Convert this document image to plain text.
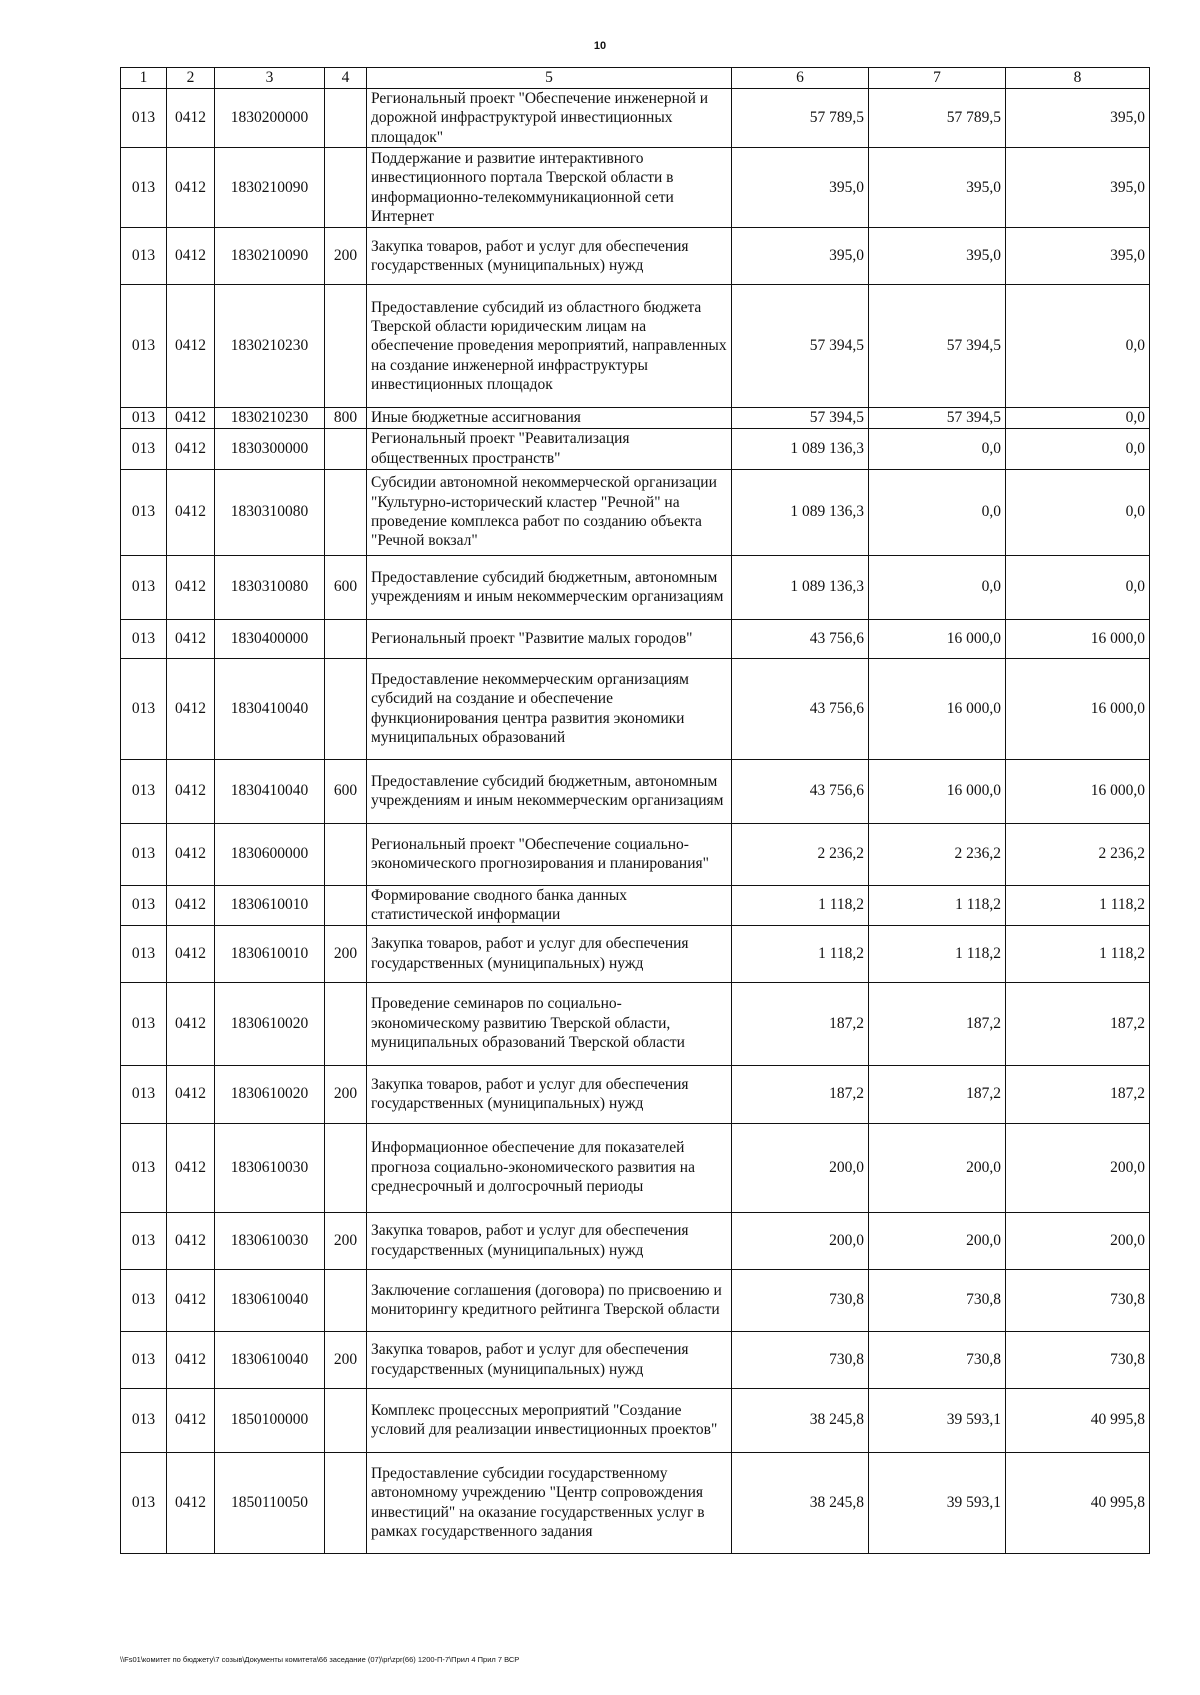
10
1	2	3	4	5	6	7	8
013	0412	1830200000		Региональный проект "Обеспечение инженерной и дорожной инфраструктурой инвестиционных площадок"	57 789,5	57 789,5	395,0
013	0412	1830210090		Поддержание и развитие интерактивного инвестиционного портала Тверской области в информационно-телекоммуникационной сети Интернет	395,0	395,0	395,0
013	0412	1830210090	200	Закупка товаров, работ и услуг для обеспечения государственных (муниципальных) нужд	395,0	395,0	395,0
013	0412	1830210230		Предоставление субсидий из областного бюджета Тверской области юридическим лицам на обеспечение проведения мероприятий, направленных на создание инженерной инфраструктуры инвестиционных площадок	57 394,5	57 394,5	0,0
013	0412	1830210230	800	Иные бюджетные ассигнования	57 394,5	57 394,5	0,0
013	0412	1830300000		Региональный проект "Реавитализация общественных пространств"	1 089 136,3	0,0	0,0
013	0412	1830310080		Субсидии автономной некоммерческой организации "Культурно-исторический кластер "Речной" на проведение комплекса работ по созданию объекта "Речной вокзал"	1 089 136,3	0,0	0,0
013	0412	1830310080	600	Предоставление субсидий бюджетным, автономным учреждениям и иным некоммерческим организациям	1 089 136,3	0,0	0,0
013	0412	1830400000		Региональный проект "Развитие малых городов"	43 756,6	16 000,0	16 000,0
013	0412	1830410040		Предоставление некоммерческим организациям субсидий на создание и обеспечение функционирования центра развития экономики муниципальных образований	43 756,6	16 000,0	16 000,0
013	0412	1830410040	600	Предоставление субсидий бюджетным, автономным учреждениям и иным некоммерческим организациям	43 756,6	16 000,0	16 000,0
013	0412	1830600000		Региональный проект "Обеспечение социально-экономического прогнозирования и планирования"	2 236,2	2 236,2	2 236,2
013	0412	1830610010		Формирование сводного банка данных статистической информации	1 118,2	1 118,2	1 118,2
013	0412	1830610010	200	Закупка товаров, работ и услуг для обеспечения государственных (муниципальных) нужд	1 118,2	1 118,2	1 118,2
013	0412	1830610020		Проведение семинаров по социально-экономическому развитию Тверской области, муниципальных образований Тверской области	187,2	187,2	187,2
013	0412	1830610020	200	Закупка товаров, работ и услуг для обеспечения государственных (муниципальных) нужд	187,2	187,2	187,2
013	0412	1830610030		Информационное обеспечение для показателей прогноза социально-экономического развития на среднесрочный и долгосрочный периоды	200,0	200,0	200,0
013	0412	1830610030	200	Закупка товаров, работ и услуг для обеспечения государственных (муниципальных) нужд	200,0	200,0	200,0
013	0412	1830610040		Заключение соглашения (договора) по присвоению и мониторингу кредитного рейтинга Тверской области	730,8	730,8	730,8
013	0412	1830610040	200	Закупка товаров, работ и услуг для обеспечения государственных (муниципальных) нужд	730,8	730,8	730,8
013	0412	1850100000		Комплекс процессных мероприятий "Создание условий для реализации инвестиционных проектов"	38 245,8	39 593,1	40 995,8
013	0412	1850110050		Предоставление субсидии государственному автономному учреждению "Центр сопровождения инвестиций" на оказание государственных услуг в рамках государственного задания	38 245,8	39 593,1	40 995,8
\\Fs01\комитет по бюджету\7 созыв\Документы комитета\66 заседание (07)\pr\zpr(66) 1200-П-7\Прил 4 Прил 7 ВСР
